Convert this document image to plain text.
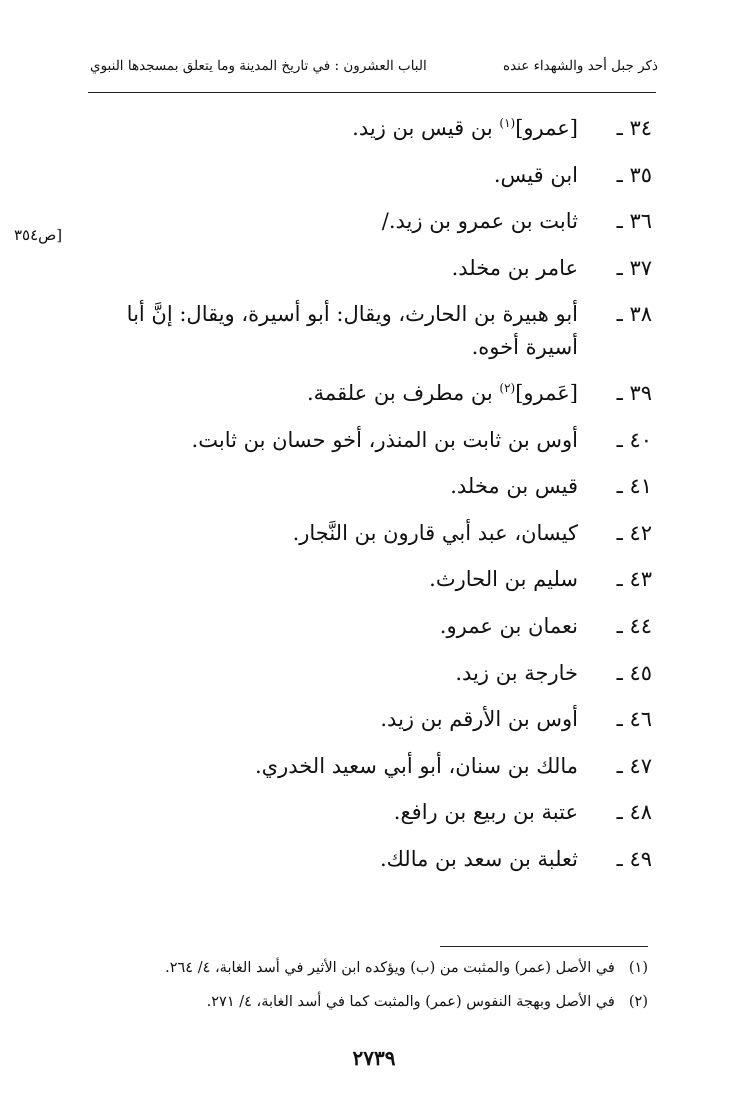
ذكر جبل أحد والشهداء عنده
الباب العشرون : في تاريخ المدينة وما يتعلق بمسجدها النبوي
[ص٣٥٤
٣٤ ـ
[عمرو]$^{(١)}$ بن قيس بن زيد.
٣٥ ـ
ابن قيس.
٣٦ ـ
ثابت بن عمرو بن زيد./
٣٧ ـ
عامر بن مخلد.
٣٨ ـ
أبو هبيرة بن الحارث، ويقال: أبو أسيرة، ويقال: إنَّ أبا أسيرة أخوه.
٣٩ ـ
[عَمرو]$^{(٢)}$ بن مطرف بن علقمة.
٤٠ ـ
أوس بن ثابت بن المنذر، أخو حسان بن ثابت.
٤١ ـ
قيس بن مخلد.
٤٢ ـ
كيسان، عبد أبي قارون بن النَّجار.
٤٣ ـ
سليم بن الحارث.
٤٤ ـ
نعمان بن عمرو.
٤٥ ـ
خارجة بن زيد.
٤٦ ـ
أوس بن الأرقم بن زيد.
٤٧ ـ
مالك بن سنان، أبو أبي سعيد الخدري.
٤٨ ـ
عتبة بن ربيع بن رافع.
٤٩ ـ
ثعلبة بن سعد بن مالك.
(١)في الأصل (عمر) والمثبت من (ب) ويؤكده ابن الأثير في أسد الغابة، ٤/ ٢٦٤.
(٢)في الأصل وبهجة النفوس (عمر) والمثبت كما في أسد الغابة، ٤/ ٢٧١.
٢٧٣٩
